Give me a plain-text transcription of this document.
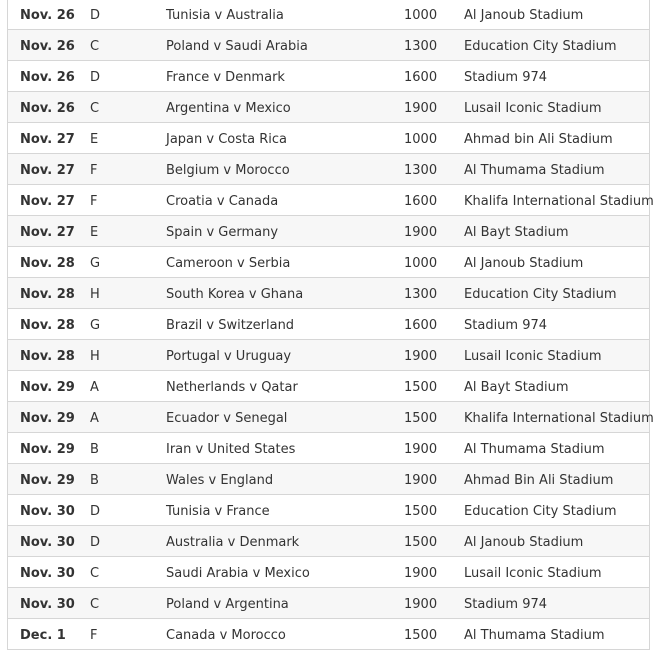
Nov. 26 D	Tunisia v Australia	1000 Al Janoub Stadium
Nov. 26 C	Poland v Saudi Arabia	1300 Education City Stadium
Nov. 26 D	France v Denmark	1600 Stadium 974
Nov. 26 C	Argentina v Mexico	1900 Lusail Iconic Stadium
Nov. 27 E	Japan v Costa Rica	1000 Ahmad bin Ali Stadium
Nov. 27 F	Belgium v Morocco	1300 Al Thumama Stadium
Nov. 27 F	Croatia v Canada	1600 Khalifa International Stadium
Nov. 27 E	Spain v Germany	1900 Al Bayt Stadium
Nov. 28 G	Cameroon v Serbia	1000 Al Janoub Stadium
Nov. 28 H	South Korea v Ghana	1300 Education City Stadium
Nov. 28 G	Brazil v Switzerland	1600 Stadium 974
Nov. 28 H	Portugal v Uruguay	1900 Lusail Iconic Stadium
Nov. 29 A	Netherlands v Qatar	1500 Al Bayt Stadium
Nov. 29 A	Ecuador v Senegal	1500 Khalifa International Stadium
Nov. 29 B	Iran v United States	1900 Al Thumama Stadium
Nov. 29 B	Wales v England	1900 Ahmad Bin Ali Stadium
Nov. 30 D	Tunisia v France	1500 Education City Stadium
Nov. 30 D	Australia v Denmark	1500 Al Janoub Stadium
Nov. 30 C	Saudi Arabia v Mexico	1900 Lusail Iconic Stadium
Nov. 30 C	Poland v Argentina	1900 Stadium 974
Dec. 1 F	Canada v Morocco	1500 Al Thumama Stadium
